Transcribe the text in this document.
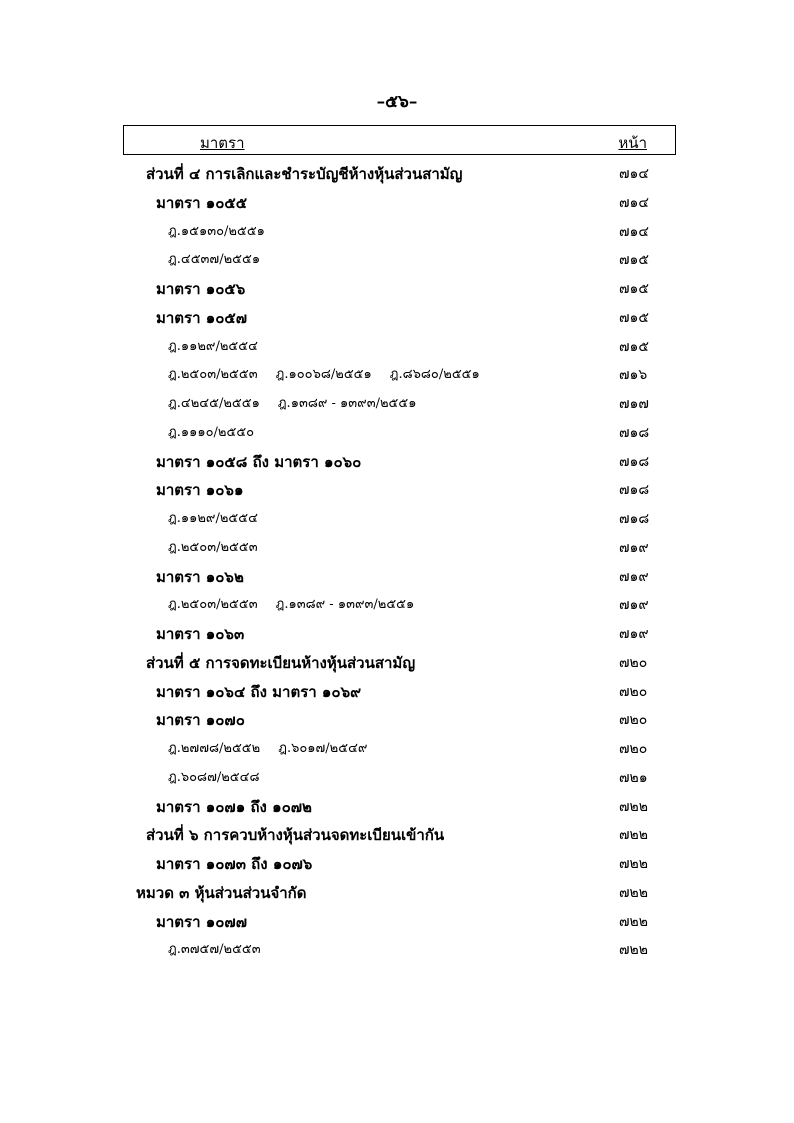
–๕๖–
มาตรา	หน้า
ส่วนที่ ๔ การเลิกและชำระบัญชีห้างหุ้นส่วนสามัญ	๗๑๔
มาตรา ๑๐๕๕	๗๑๔
ฎ.๑๕๑๓๐/๒๕๕๑	๗๑๔
ฎ.๔๕๓๗/๒๕๕๑	๗๑๕
มาตรา ๑๐๕๖	๗๑๕
มาตรา ๑๐๕๗	๗๑๕
ฎ.๑๑๒๙/๒๕๕๔	๗๑๕
ฎ.๒๕๐๓/๒๕๕๓ ฎ.๑๐๐๖๘/๒๕๕๑ ฎ.๘๖๘๐/๒๕๕๑	๗๑๖
ฎ.๔๒๔๕/๒๕๕๑ ฎ.๑๓๘๙ - ๑๓๙๓/๒๕๕๑	๗๑๗
ฎ.๑๑๑๐/๒๕๕๐	๗๑๘
มาตรา ๑๐๕๘ ถึง มาตรา ๑๐๖๐	๗๑๘
มาตรา ๑๐๖๑	๗๑๘
ฎ.๑๑๒๙/๒๕๕๔	๗๑๘
ฎ.๒๕๐๓/๒๕๕๓	๗๑๙
มาตรา ๑๐๖๒	๗๑๙
ฎ.๒๕๐๓/๒๕๕๓ ฎ.๑๓๘๙ - ๑๓๙๓/๒๕๕๑	๗๑๙
มาตรา ๑๐๖๓	๗๑๙
ส่วนที่ ๕ การจดทะเบียนห้างหุ้นส่วนสามัญ	๗๒๐
มาตรา ๑๐๖๔ ถึง มาตรา ๑๐๖๙	๗๒๐
มาตรา ๑๐๗๐	๗๒๐
ฎ.๒๗๗๘/๒๕๕๒ ฎ.๖๐๑๗/๒๕๔๙	๗๒๐
ฎ.๖๐๘๗/๒๕๔๘	๗๒๑
มาตรา ๑๐๗๑ ถึง ๑๐๗๒	๗๒๒
ส่วนที่ ๖ การควบห้างหุ้นส่วนจดทะเบียนเข้ากัน	๗๒๒
มาตรา ๑๐๗๓ ถึง ๑๐๗๖	๗๒๒
หมวด ๓ หุ้นส่วนส่วนจำกัด	๗๒๒
มาตรา ๑๐๗๗	๗๒๒
ฎ.๓๗๕๗/๒๕๕๓	๗๒๒
